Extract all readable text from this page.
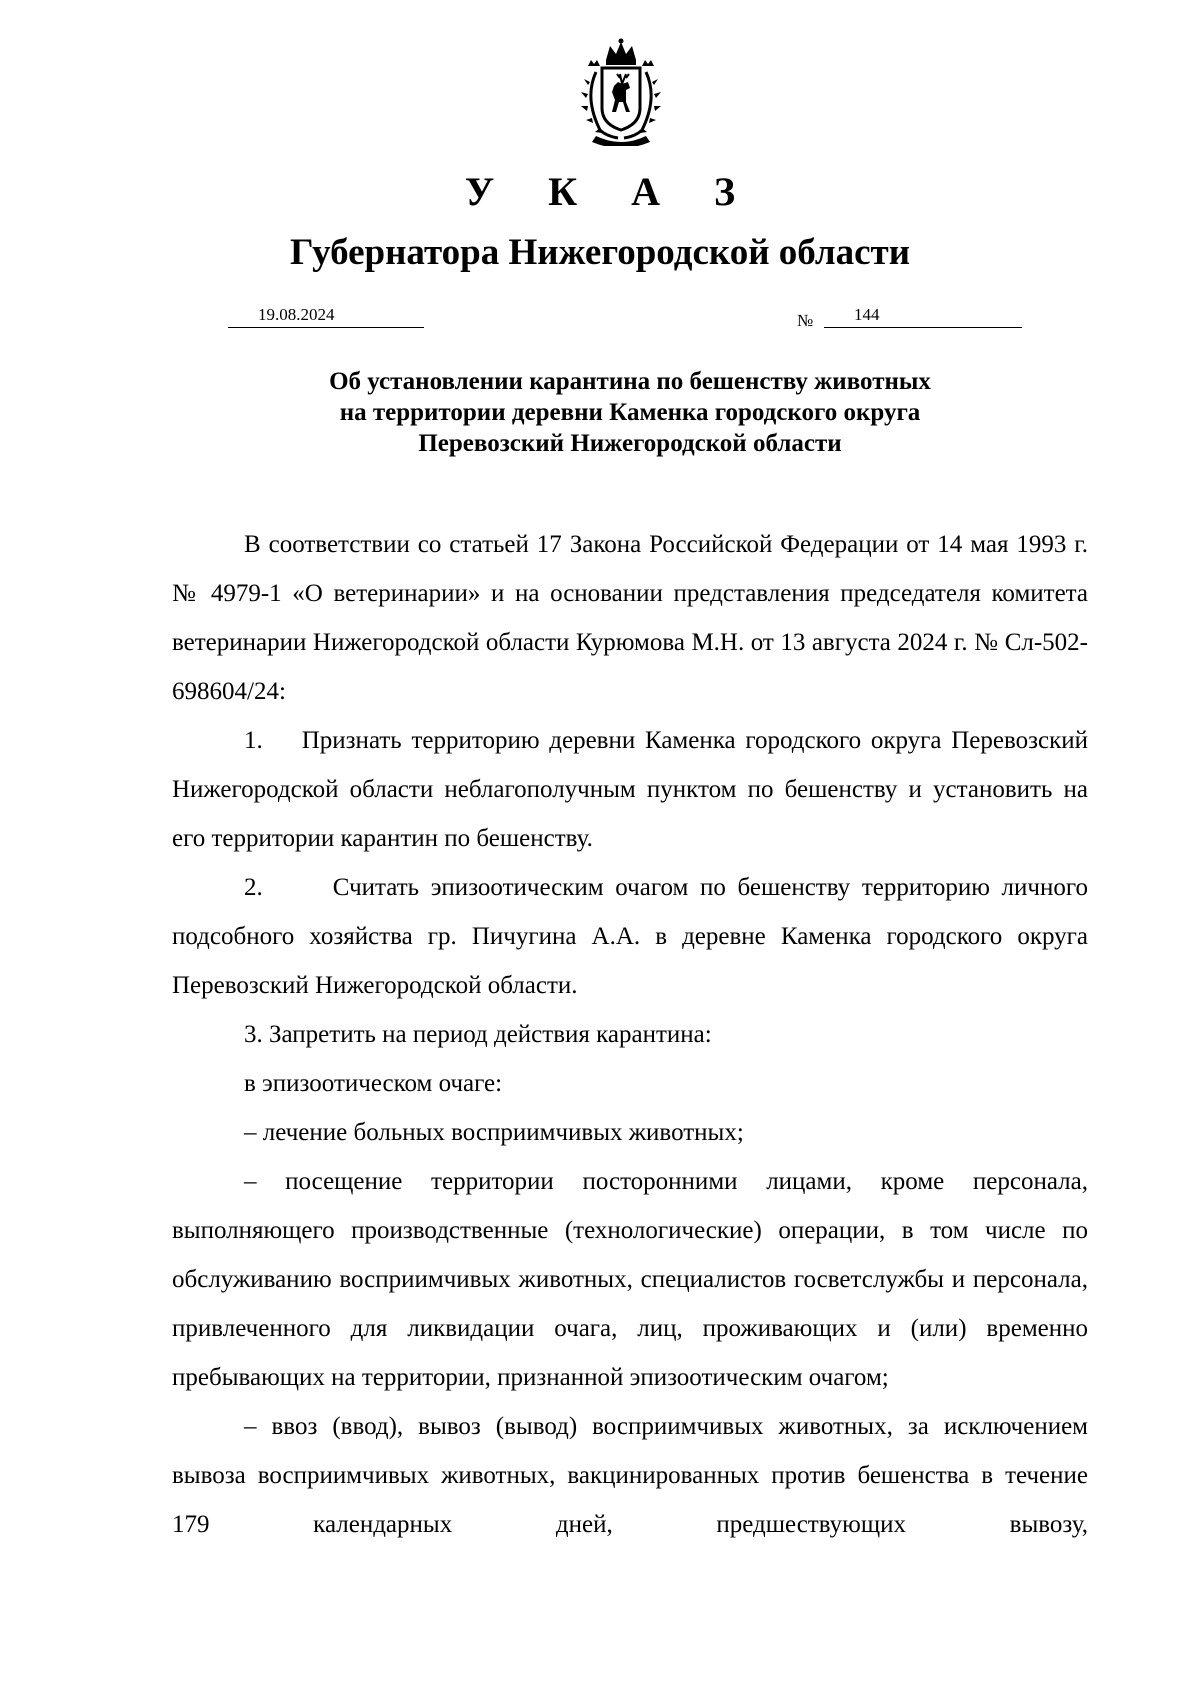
У К А З
Губернатора Нижегородской области
19.08.2024	№ 144
Об установлении карантина по бешенству животных
на территории деревни Каменка городского округа
Перевозский Нижегородской области

В соответствии со статьей 17 Закона Российской Федерации от 14 мая 1993 г. № 4979-1 «О ветеринарии» и на основании представления председателя комитета ветеринарии Нижегородской области Курюмова М.Н. от 13 августа 2024 г. № Сл-502-698604/24:

1.    Признать территорию деревни Каменка городского округа Перевозский Нижегородской области неблагополучным пунктом по бешенству и установить на его территории карантин по бешенству.

2.      Считать эпизоотическим очагом по бешенству территорию личного подсобного хозяйства гр. Пичугина А.А. в деревне Каменка городского округа Перевозский Нижегородской области.

3. Запретить на период действия карантина:

в эпизоотическом очаге:

– лечение больных восприимчивых животных;

– посещение территории посторонними лицами, кроме персонала, выполняющего производственные (технологические) операции, в том числе по обслуживанию восприимчивых животных, специалистов госветслужбы и персонала, привлеченного для ликвидации очага, лиц, проживающих и (или) временно пребывающих на территории, признанной эпизоотическим очагом;

– ввоз (ввод), вывоз (вывод) восприимчивых животных, за исключением вывоза восприимчивых животных, вакцинированных против бешенства в течение 179 календарных дней, предшествующих вывозу,
